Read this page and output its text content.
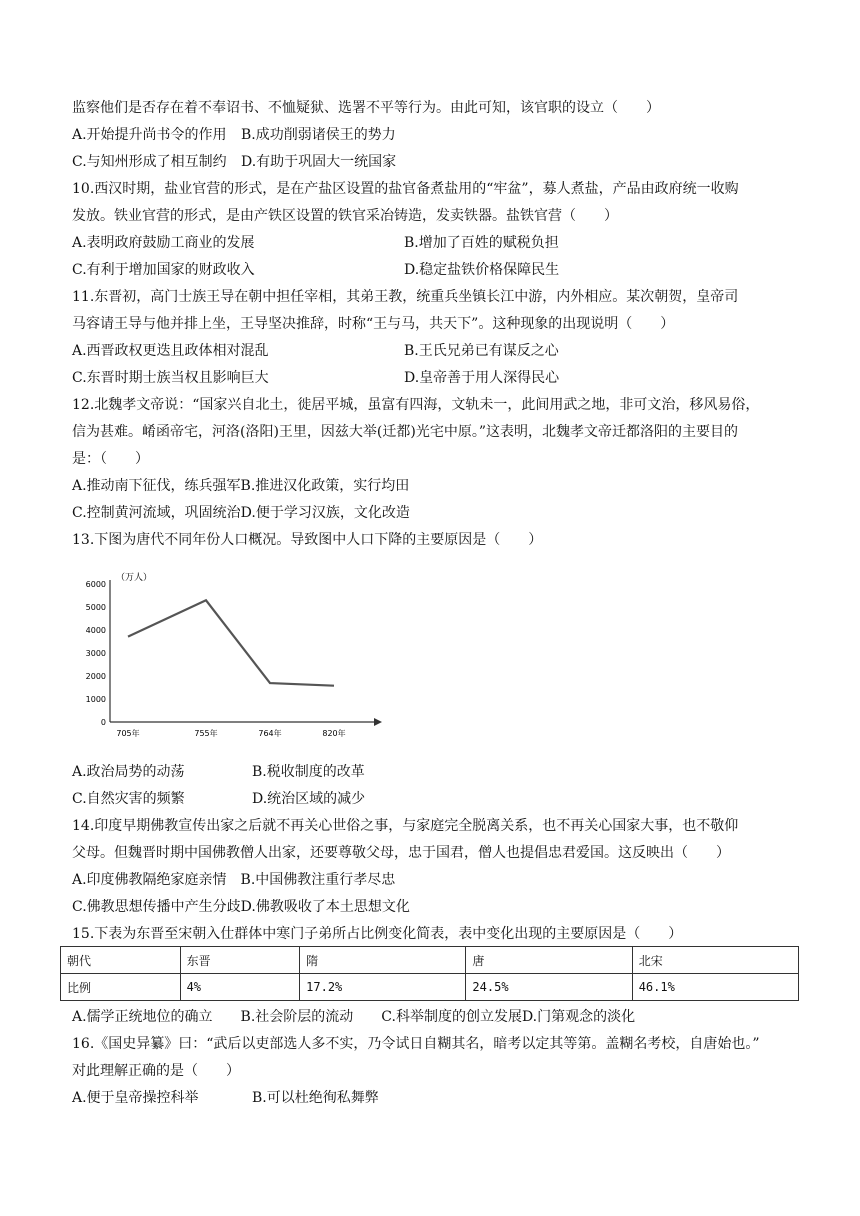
监察他们是否存在着不奉诏书、不恤疑狱、选署不平等行为。由此可知，该官职的设立（　　）
A.开始提升尚书令的作用 B.成功削弱诸侯王的势力
C.与知州形成了相互制约 D.有助于巩固大一统国家
10.西汉时期，盐业官营的形式，是在产盐区设置的盐官备煮盐用的“牢盆”，募人煮盐，产品由政府统一收购
发放。铁业官营的形式，是由产铁区设置的铁官采冶铸造，发卖铁器。盐铁官营（　　）
A.表明政府鼓励工商业的发展	B.增加了百姓的赋税负担
C.有利于增加国家的财政收入	D.稳定盐铁价格保障民生
11.东晋初，高门士族王导在朝中担任宰相，其弟王教，统重兵坐镇长江中游，内外相应。某次朝贺，皇帝司
马容请王导与他并排上坐，王导坚决推辞，时称“王与马，共天下”。这种现象的出现说明（　　）
A.西晋政权更迭且政体相对混乱	B.王氏兄弟已有谋反之心
C.东晋时期士族当权且影响巨大	D.皇帝善于用人深得民心
12.北魏孝文帝说：“国家兴自北土，徙居平城，虽富有四海，文轨未一，此间用武之地，非可文治，移风易俗，
信为甚难。崤函帝宅，河洛(洛阳)王里，因兹大举(迁都)光宅中原。”这表明，北魏孝文帝迁都洛阳的主要目的
是：（　　）
A.推动南下征伐，练兵强军B.推进汉化政策，实行均田
C.控制黄河流域，巩固统治D.便于学习汉族，文化改造
13.下图为唐代不同年份人口概况。导致图中人口下降的主要原因是（　　）
（万人）
0
1000
2000
3000
4000
5000
6000
705年	755年	764年	820年
A.政治局势的动荡	B.税收制度的改革
C.自然灾害的频繁	D.统治区域的减少
14.印度早期佛教宣传出家之后就不再关心世俗之事，与家庭完全脱离关系，也不再关心国家大事，也不敬仰
父母。但魏晋时期中国佛教僧人出家，还要尊敬父母，忠于国君，僧人也提倡忠君爱国。这反映出（　　）
A.印度佛教隔绝家庭亲情　B.中国佛教注重行孝尽忠
C.佛教思想传播中产生分歧D.佛教吸收了本土思想文化
15.下表为东晋至宋朝入仕群体中寒门子弟所占比例变化简表，表中变化出现的主要原因是（　　）
朝代	东晋	隋	唐	北宋
比例	4%	17.2%	24.5%	46.1%
A.儒学正统地位的确立　　B.社会阶层的流动　　C.科举制度的创立发展D.门第观念的淡化
16.《国史异纂》曰：“武后以吏部选人多不实，乃令试日自糊其名，暗考以定其等第。盖糊名考校，自唐始也。”
对此理解正确的是（　　）
A.便于皇帝操控科举	B.可以杜绝徇私舞弊
